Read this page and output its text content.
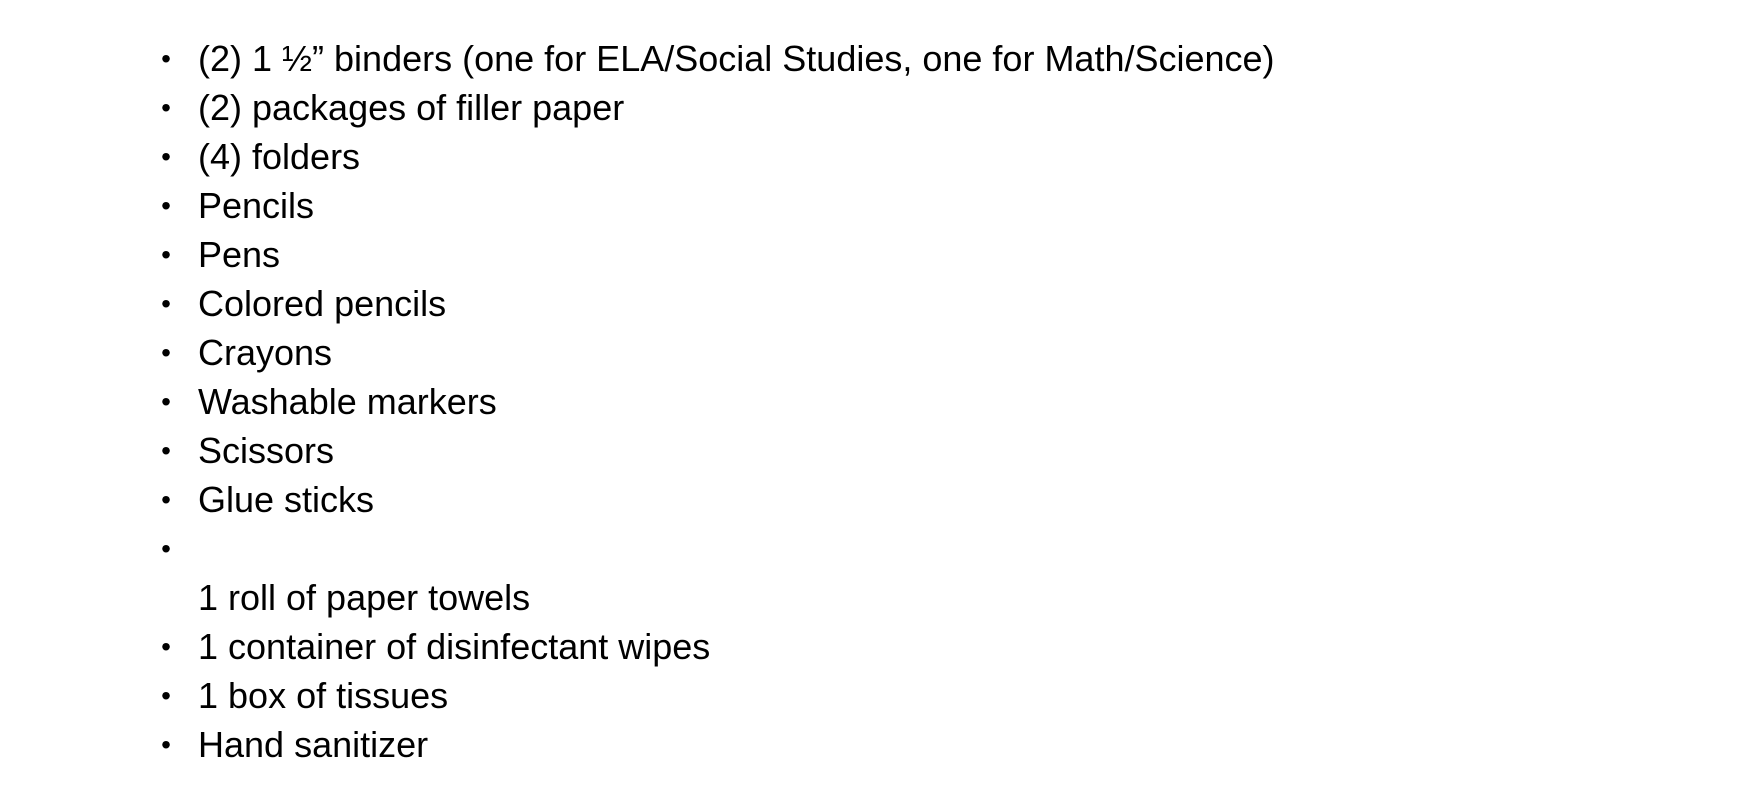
• (2) 1 ½” binders (one for ELA/Social Studies, one for Math/Science)
• (2) packages of filler paper
• (4) folders
• Pencils
• Pens
• Colored pencils
• Crayons
• Washable markers
• Scissors
• Glue sticks
•
1 roll of paper towels
• 1 container of disinfectant wipes
• 1 box of tissues
• Hand sanitizer
